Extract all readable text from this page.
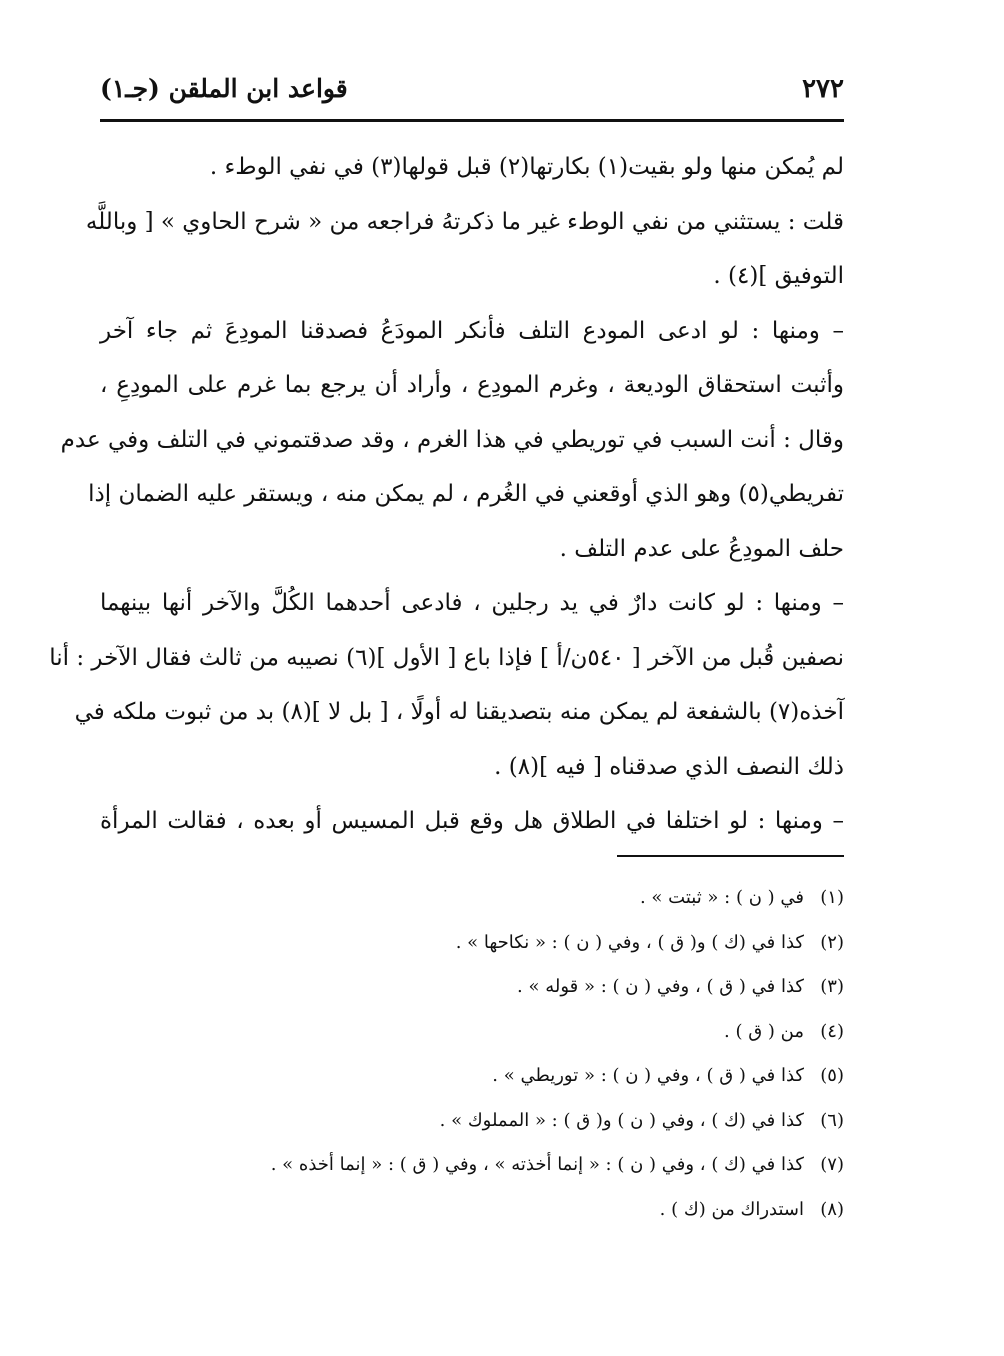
٢٧٢
قواعد ابن الملقن (جـ١)
لم يُمكن منها ولو بقيت(١) بكارتها(٢) قبل قولها(٣) في نفي الوطء .
قلت : يستثني من نفي الوطء غير ما ذكرتهُ فراجعه من « شرح الحاوي » [ وباللَّه
التوفيق ](٤) .
– ومنها : لو ادعى المودع التلف فأنكر المودَعُ فصدقنا المودِعَ ثم جاء آخر
وأثبت استحقاق الوديعة ، وغرم المودِع ، وأراد أن يرجع بما غرم على المودِعِ ،
وقال : أنت السبب في توريطي في هذا الغرم ، وقد صدقتموني في التلف وفي عدم
تفريطي(٥) وهو الذي أوقعني في الغُرم ، لم يمكن منه ، ويستقر عليه الضمان إذا
حلف المودِعُ على عدم التلف .
– ومنها : لو كانت دارٌ في يد رجلين ، فادعى أحدهما الكُلَّ والآخر أنها بينهما
نصفين قُبل من الآخر [ ٥٤٠ن/أ ] فإذا باع [ الأول ](٦) نصيبه من ثالث فقال الآخر : أنا
آخذه(٧) بالشفعة لم يمكن منه بتصديقنا له أولًا ، [ بل لا ](٨) بد من ثبوت ملكه في
ذلك النصف الذي صدقناه [ فيه ](٨) .
– ومنها : لو اختلفا في الطلاق هل وقع قبل المسيس أو بعده ، فقالت المرأة
(١)في ( ن ) : « ثبتت » .
(٢)كذا في (ك ) و( ق ) ، وفي ( ن ) : « نكاحها » .
(٣)كذا في ( ق ) ، وفي ( ن ) : « قوله » .
(٤)من ( ق ) .
(٥)كذا في ( ق ) ، وفي ( ن ) : « توريطي » .
(٦)كذا في (ك ) ، وفي ( ن ) و( ق ) : « المملوك » .
(٧)كذا في (ك ) ، وفي ( ن ) : « إنما أخذته » ، وفي ( ق ) : « إنما أخذه » .
(٨)استدراك من (ك ) .
